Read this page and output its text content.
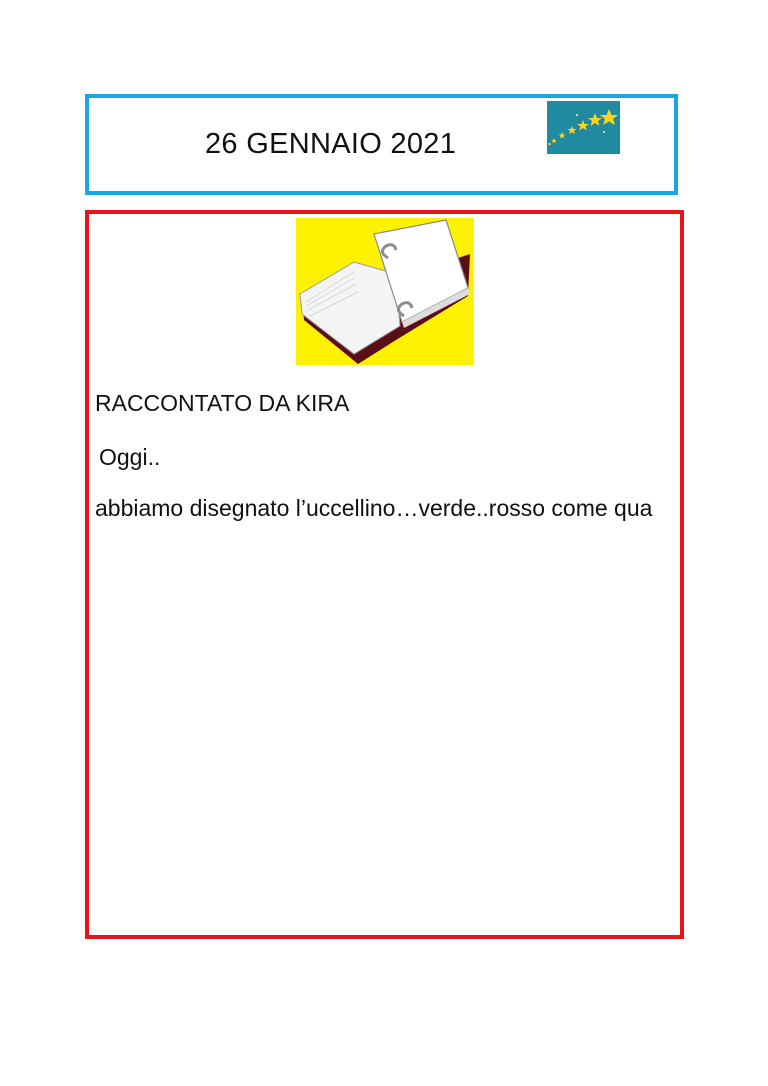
26 GENNAIO 2021
RACCONTATO DA KIRA
Oggi..
abbiamo disegnato l’uccellino…verde..rosso come qua
